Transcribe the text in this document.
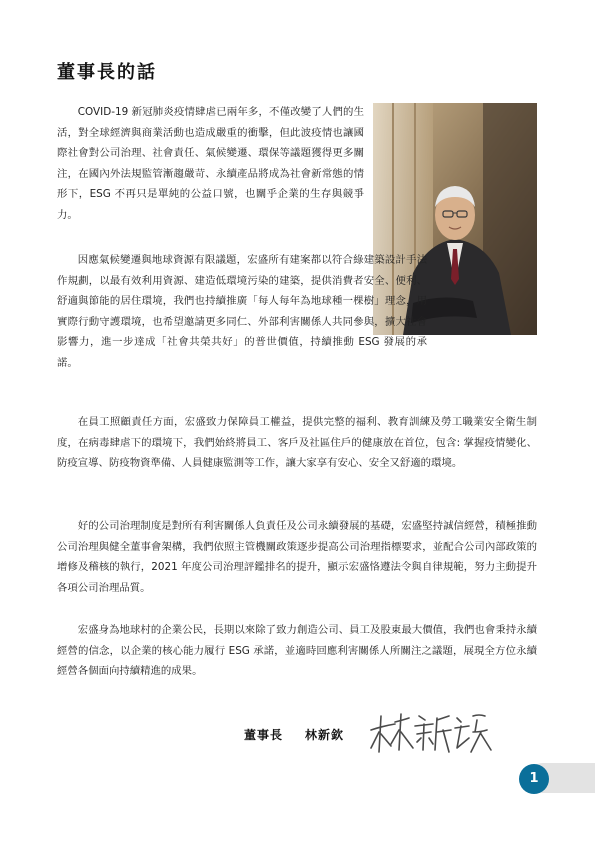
董事長的話

COVID-19 新冠肺炎疫情肆虐已兩年多，不僅改變了人們的生活，對全球經濟與商業活動也造成嚴重的衝擊，但此波疫情也讓國際社會對公司治理、社會責任、氣候變遷、環保等議題獲得更多關注，在國內外法規監管漸趨嚴苛、永續產品將成為社會新常態的情形下，ESG 不再只是單純的公益口號，也關乎企業的生存與競爭力。

因應氣候變遷與地球資源有限議題，宏盛所有建案都以符合綠建築設計手法作規劃，以最有效利用資源、建造低環境污染的建築，提供消費者安全、便利、舒適與節能的居住環境，我們也持續推廣「每人每年為地球種一棵樹」理念，用實際行動守護環境，也希望邀請更多同仁、外部利害關係人共同參與，擴大社會影響力，進一步達成「社會共榮共好」的普世價值，持續推動 ESG 發展的承諾。

在員工照顧責任方面，宏盛致力保障員工權益，提供完整的福利、教育訓練及勞工職業安全衛生制度，在病毒肆虐下的環境下，我們始終將員工、客戶及社區住戶的健康放在首位，包含: 掌握疫情變化、防疫宣導、防疫物資準備、人員健康監測等工作，讓大家享有安心、安全又舒適的環境。

好的公司治理制度是對所有利害關係人負責任及公司永續發展的基礎，宏盛堅持誠信經營，積極推動公司治理與健全董事會架構，我們依照主管機關政策逐步提高公司治理指標要求，並配合公司內部政策的增修及稽核的執行，2021 年度公司治理評鑑排名的提升，顯示宏盛恪遵法令與自律規範，努力主動提升各項公司治理品質。

宏盛身為地球村的企業公民，長期以來除了致力創造公司、員工及股東最大價值，我們也會秉持永續經營的信念，以企業的核心能力履行 ESG 承諾，並適時回應利害關係人所關注之議題，展現全方位永續經營各個面向持續精進的成果。

董事長 林新欽
1
